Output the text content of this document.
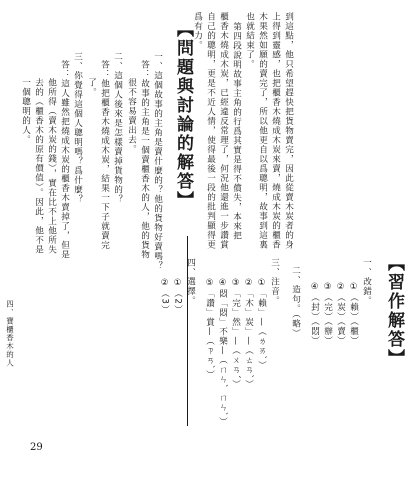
到這點，他只希望趕快把貨物賣完，因此從賣木炭者的身
上得到靈感，也把櫃香木燒成木炭來賣，燒成木炭的櫃香
木果然如願的賣完了，所以他更自以爲聰明，故事到這裏
也就結束了。
第四段說明故事主角的行爲其實是得不償失，本來把
櫃香木燒成木炭，已經違反常理了，何況他還進一步讚賞
自己的聰明，更是不近人情，使得最後一段的批判顯得更
爲有力。
【問題與討論的解答】
一、這個故事的主角是賣什麼的？他的貨物好賣嗎？
答：故事的主角是一個賣櫃香木的人，他的貨物
很不容易賣出去。
二、這個人後來是怎樣賣掉貨物的？
答：他把櫃香木燒成木炭，結果一下子就賣完
了。
三、你覺得這個人聰明嗎？爲什麼？
答：這人雖然把燒成木炭的櫃香木賣掉了，但是
他所得（賣木炭的錢），實在比不上他所失
去的（櫃香木的原有價值）。因此，他不是
一個聰明的人。
四、寶櫃香木的人	【習作解答】
一、改錯。
①（賴）（櫃）
②（炭）（賣）
③（完）（辦）
④（封）（悶）
二、造句。（略）
三、注音。
①「賴」—（ㄌㄞˋ）
②「木」炭」—（ㄊㄢˋ）
③「完」然」—（ㄨㄢˊ）
④悶「悶」不樂—（ㄇㄣˋ ㄇㄣˋ）
⑤「讚」賞—（ㄗㄢˋ）
四、選擇。
①（2）
②（3）
29
